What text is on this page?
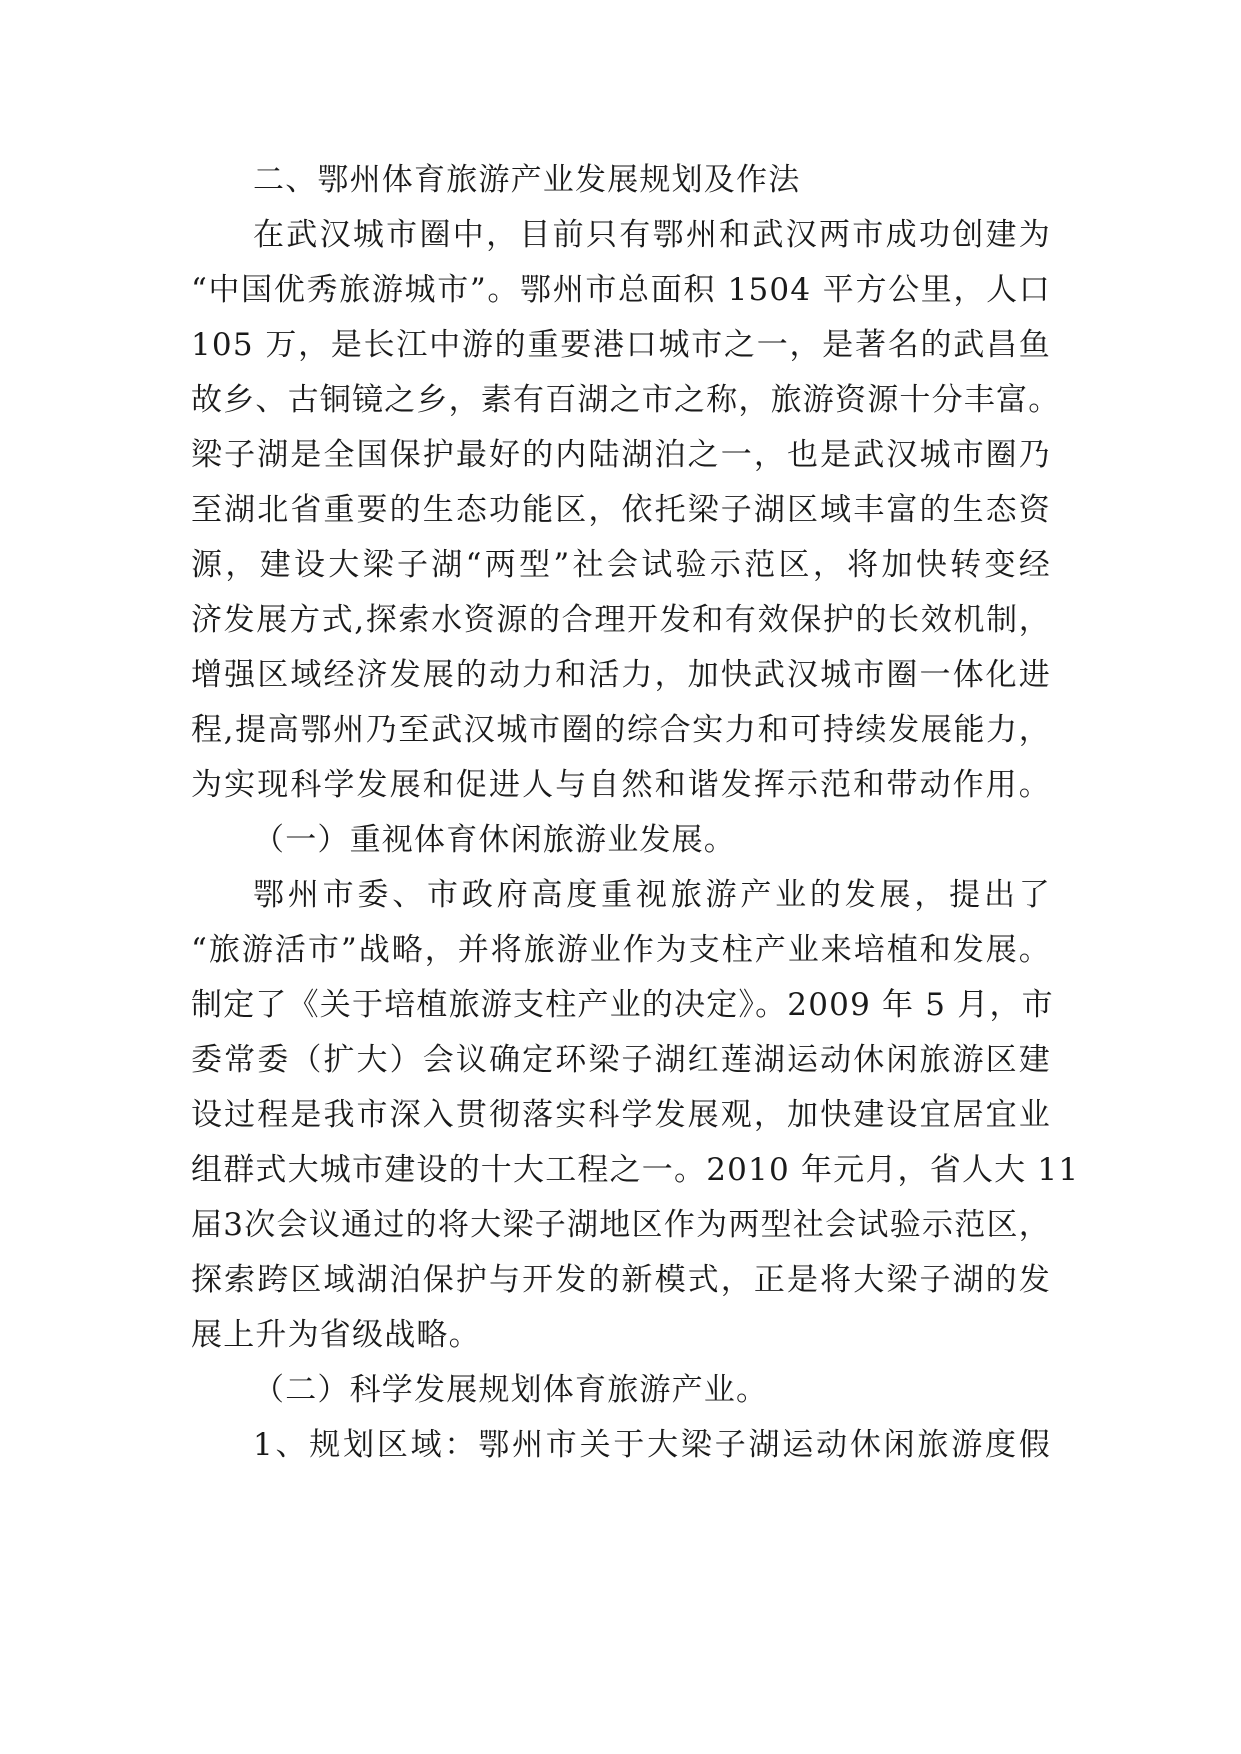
二、鄂州体育旅游产业发展规划及作法
在武汉城市圈中，目前只有鄂州和武汉两市成功创建为
“中国优秀旅游城市”。鄂州市总面积 1504 平方公里，人口
105 万，是长江中游的重要港口城市之一，是著名的武昌鱼
故乡、古铜镜之乡，素有百湖之市之称，旅游资源十分丰富。
梁子湖是全国保护最好的内陆湖泊之一，也是武汉城市圈乃
至湖北省重要的生态功能区，依托梁子湖区域丰富的生态资
源，建设大梁子湖“两型”社会试验示范区，将加快转变经
济发展方式,探索水资源的合理开发和有效保护的长效机制，
增强区域经济发展的动力和活力，加快武汉城市圈一体化进
程,提高鄂州乃至武汉城市圈的综合实力和可持续发展能力，
为实现科学发展和促进人与自然和谐发挥示范和带动作用。
（一）重视体育休闲旅游业发展。
鄂州市委、市政府高度重视旅游产业的发展，提出了
“旅游活市”战略，并将旅游业作为支柱产业来培植和发展。
制定了《关于培植旅游支柱产业的决定》。2009 年 5 月，市
委常委（扩大）会议确定环梁子湖红莲湖运动休闲旅游区建
设过程是我市深入贯彻落实科学发展观，加快建设宜居宜业
组群式大城市建设的十大工程之一。2010 年元月，省人大 11
届3次会议通过的将大梁子湖地区作为两型社会试验示范区，
探索跨区域湖泊保护与开发的新模式，正是将大梁子湖的发
展上升为省级战略。
（二）科学发展规划体育旅游产业。
1、规划区域：鄂州市关于大梁子湖运动休闲旅游度假
